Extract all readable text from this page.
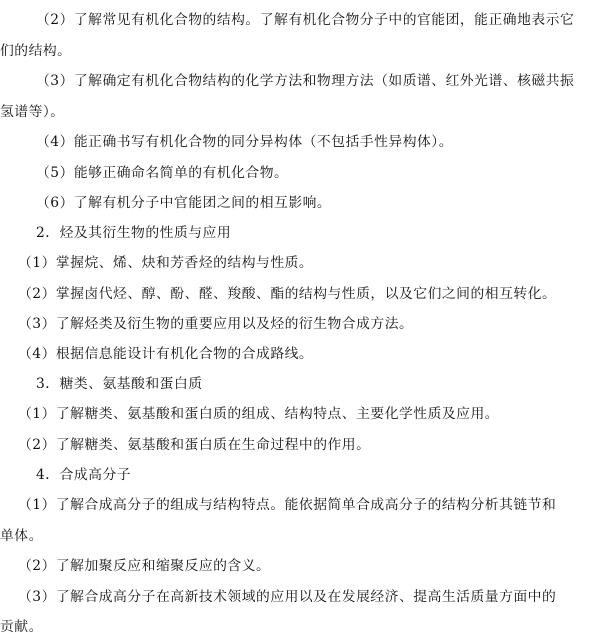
（2）了解常见有机化合物的结构。了解有机化合物分子中的官能团，能正确地表示它
们的结构。
（3）了解确定有机化合物结构的化学方法和物理方法（如质谱、红外光谱、核磁共振
氢谱等）。
（4）能正确书写有机化合物的同分异构体（不包括手性异构体）。
（5）能够正确命名简单的有机化合物。
（6）了解有机分子中官能团之间的相互影响。
2．烃及其衍生物的性质与应用
（1）掌握烷、烯、炔和芳香烃的结构与性质。
（2）掌握卤代烃、醇、酚、醛、羧酸、酯的结构与性质，以及它们之间的相互转化。
（3）了解烃类及衍生物的重要应用以及烃的衍生物合成方法。
（4）根据信息能设计有机化合物的合成路线。
3．糖类、氨基酸和蛋白质
（1）了解糖类、氨基酸和蛋白质的组成、结构特点、主要化学性质及应用。
（2）了解糖类、氨基酸和蛋白质在生命过程中的作用。
4．合成高分子
（1）了解合成高分子的组成与结构特点。能依据简单合成高分子的结构分析其链节和
单体。
（2）了解加聚反应和缩聚反应的含义。
（3）了解合成高分子在高新技术领域的应用以及在发展经济、提高生活质量方面中的
贡献。
